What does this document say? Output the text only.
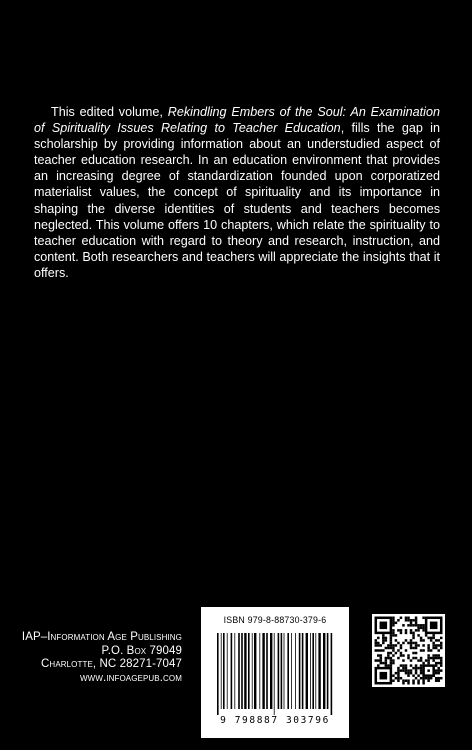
This edited volume, Rekindling Embers of the Soul: An Examination of Spirituality Issues Relating to Teacher Education, fills the gap in scholarship by providing information about an understudied aspect of teacher education research. In an education environment that provides an increasing degree of standardization founded upon corporatized materialist values, the concept of spirituality and its importance in shaping the diverse identities of students and teachers becomes neglected. This volume offers 10 chapters, which relate the spirituality to teacher education with regard to theory and research, instruction, and content. Both researchers and teachers will appreciate the insights that it offers.

IAP–Information Age Publishing
P.O. Box 79049
Charlotte, NC 28271-7047
www.infoagepub.com
ISBN 979-8-88730-379-6
9 798887 303796
